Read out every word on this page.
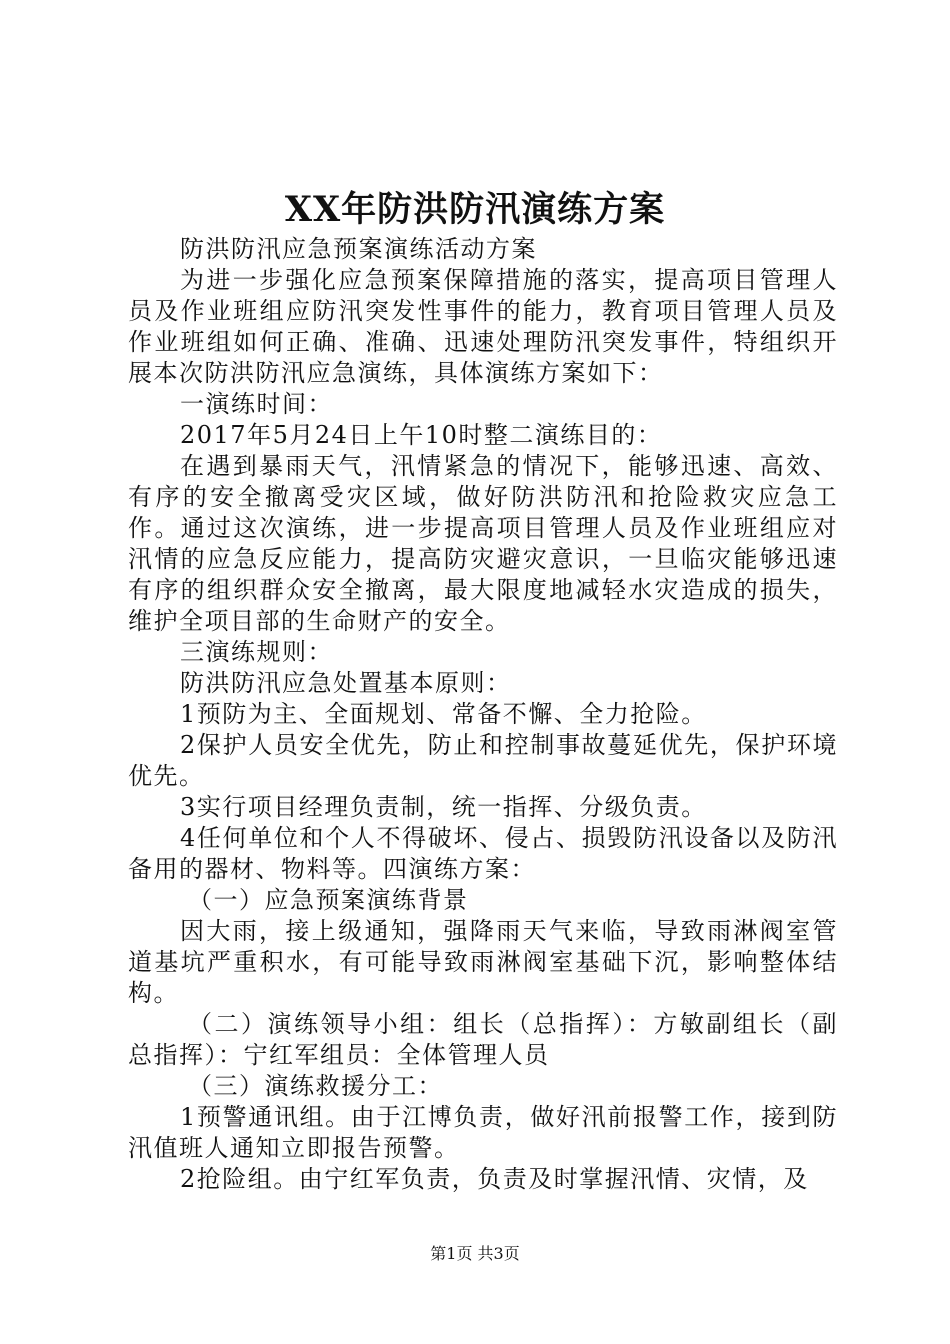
XX年防洪防汛演练方案

防洪防汛应急预案演练活动方案

为进一步强化应急预案保障措施的落实，提高项目管理人员及作业班组应防汛突发性事件的能力，教育项目管理人员及作业班组如何正确、准确、迅速处理防汛突发事件，特组织开展本次防洪防汛应急演练，具体演练方案如下：

一演练时间：

2017年5月24日上午10时整二演练目的：

在遇到暴雨天气，汛情紧急的情况下，能够迅速、高效、有序的安全撤离受灾区域，做好防洪防汛和抢险救灾应急工作。通过这次演练，进一步提高项目管理人员及作业班组应对汛情的应急反应能力，提高防灾避灾意识，一旦临灾能够迅速有序的组织群众安全撤离，最大限度地减轻水灾造成的损失，维护全项目部的生命财产的安全。

三演练规则：

防洪防汛应急处置基本原则：

1预防为主、全面规划、常备不懈、全力抢险。

2保护人员安全优先，防止和控制事故蔓延优先，保护环境优先。

3实行项目经理负责制，统一指挥、分级负责。

4任何单位和个人不得破坏、侵占、损毁防汛设备以及防汛备用的器材、物料等。四演练方案：

（一）应急预案演练背景

因大雨，接上级通知，强降雨天气来临，导致雨淋阀室管道基坑严重积水，有可能导致雨淋阀室基础下沉，影响整体结构。

（二）演练领导小组：组长（总指挥）：方敏副组长（副总指挥）：宁红军组员：全体管理人员

（三）演练救援分工：

1预警通讯组。由于江博负责，做好汛前报警工作，接到防汛值班人通知立即报告预警。

2抢险组。由宁红军负责，负责及时掌握汛情、灾情，及

第1页 共3页
